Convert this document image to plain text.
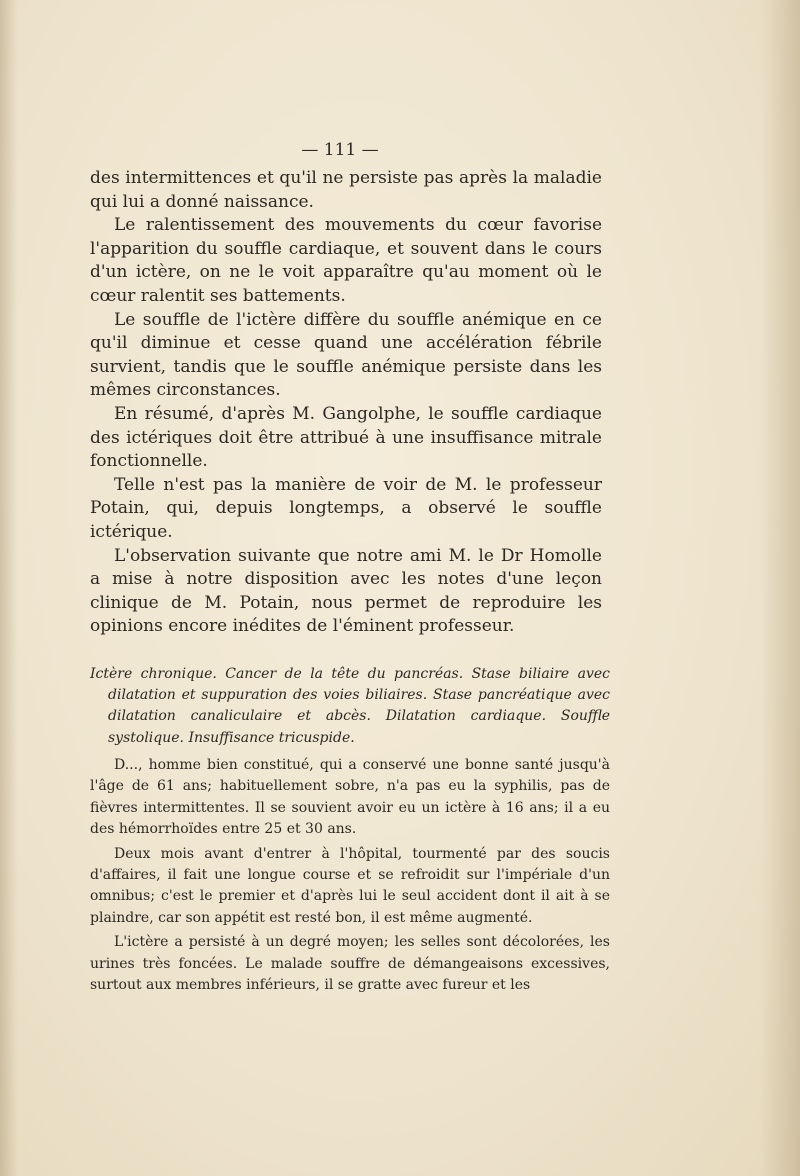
— 111 —

des intermittences et qu'il ne persiste pas après la maladie qui lui a donné naissance.

Le ralentissement des mouvements du cœur favorise l'apparition du souffle cardiaque, et souvent dans le cours d'un ictère, on ne le voit apparaître qu'au moment où le cœur ralentit ses battements.

Le souffle de l'ictère diffère du souffle anémique en ce qu'il diminue et cesse quand une accélération fébrile survient, tandis que le souffle anémique persiste dans les mêmes circonstances.

En résumé, d'après M. Gangolphe, le souffle cardiaque des ictériques doit être attribué à une insuffisance mitrale fonctionnelle.

Telle n'est pas la manière de voir de M. le professeur Potain, qui, depuis longtemps, a observé le souffle ictérique.

L'observation suivante que notre ami M. le Dr Homolle a mise à notre disposition avec les notes d'une leçon clinique de M. Potain, nous permet de reproduire les opinions encore inédites de l'éminent professeur.

Ictère chronique. Cancer de la tête du pancréas. Stase biliaire avec dilatation et suppuration des voies biliaires. Stase pancréatique avec dilatation canaliculaire et abcès. Dilatation cardiaque. Souffle systolique. Insuffisance tricuspide.

D..., homme bien constitué, qui a conservé une bonne santé jusqu'à l'âge de 61 ans; habituellement sobre, n'a pas eu la syphilis, pas de fièvres intermittentes. Il se souvient avoir eu un ictère à 16 ans; il a eu des hémorrhoïdes entre 25 et 30 ans.

Deux mois avant d'entrer à l'hôpital, tourmenté par des soucis d'affaires, il fait une longue course et se refroidit sur l'impériale d'un omnibus; c'est le premier et d'après lui le seul accident dont il ait à se plaindre, car son appétit est resté bon, il est même augmenté.

L'ictère a persisté à un degré moyen; les selles sont décolorées, les urines très foncées. Le malade souffre de démangeaisons excessives, surtout aux membres inférieurs, il se gratte avec fureur et les
